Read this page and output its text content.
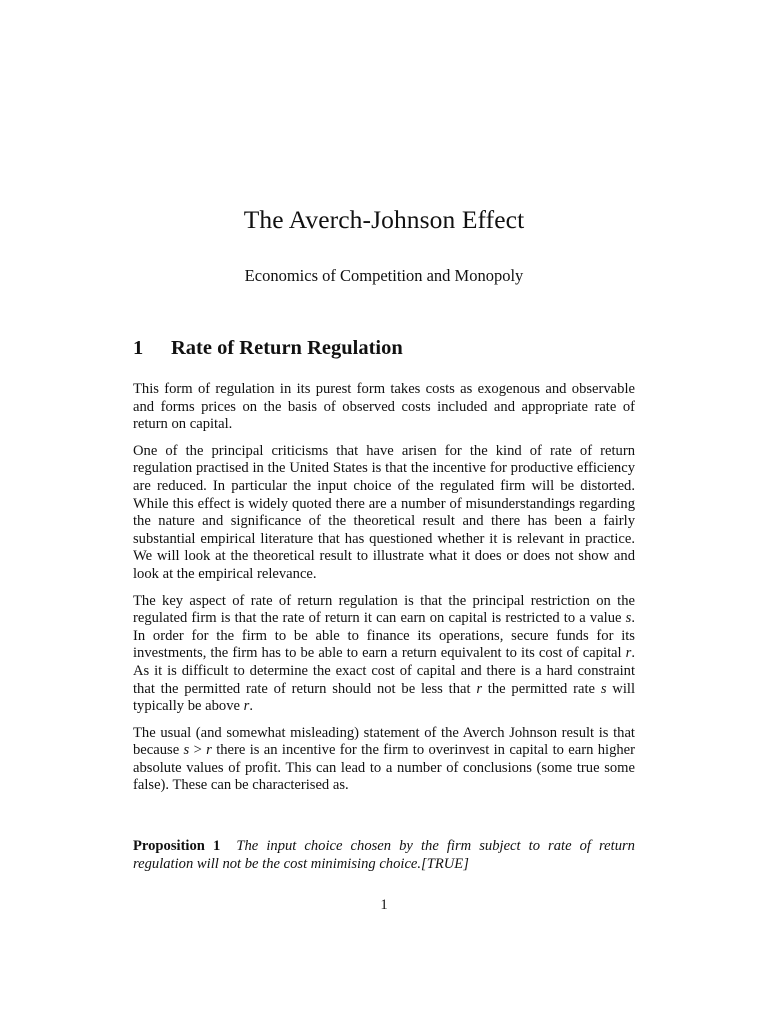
The Averch-Johnson Effect
Economics of Competition and Monopoly
1 Rate of Return Regulation

This form of regulation in its purest form takes costs as exogenous and observable and forms prices on the basis of observed costs included and appropriate rate of return on capital.

One of the principal criticisms that have arisen for the kind of rate of return regulation practised in the United States is that the incentive for productive efficiency are reduced. In particular the input choice of the regulated firm will be distorted. While this effect is widely quoted there are a number of misunderstandings regarding the nature and significance of the theoretical result and there has been a fairly substantial empirical literature that has questioned whether it is relevant in practice. We will look at the theoretical result to illustrate what it does or does not show and look at the empirical relevance.

The key aspect of rate of return regulation is that the principal restriction on the regulated firm is that the rate of return it can earn on capital is restricted to a value s. In order for the firm to be able to finance its operations, secure funds for its investments, the firm has to be able to earn a return equivalent to its cost of capital r. As it is difficult to determine the exact cost of capital and there is a hard constraint that the permitted rate of return should not be less that r the permitted rate s will typically be above r.

The usual (and somewhat misleading) statement of the Averch Johnson result is that because s > r there is an incentive for the firm to overinvest in capital to earn higher absolute values of profit. This can lead to a number of conclusions (some true some false). These can be characterised as.

Proposition 1 The input choice chosen by the firm subject to rate of return regulation will not be the cost minimising choice.[TRUE]
1
